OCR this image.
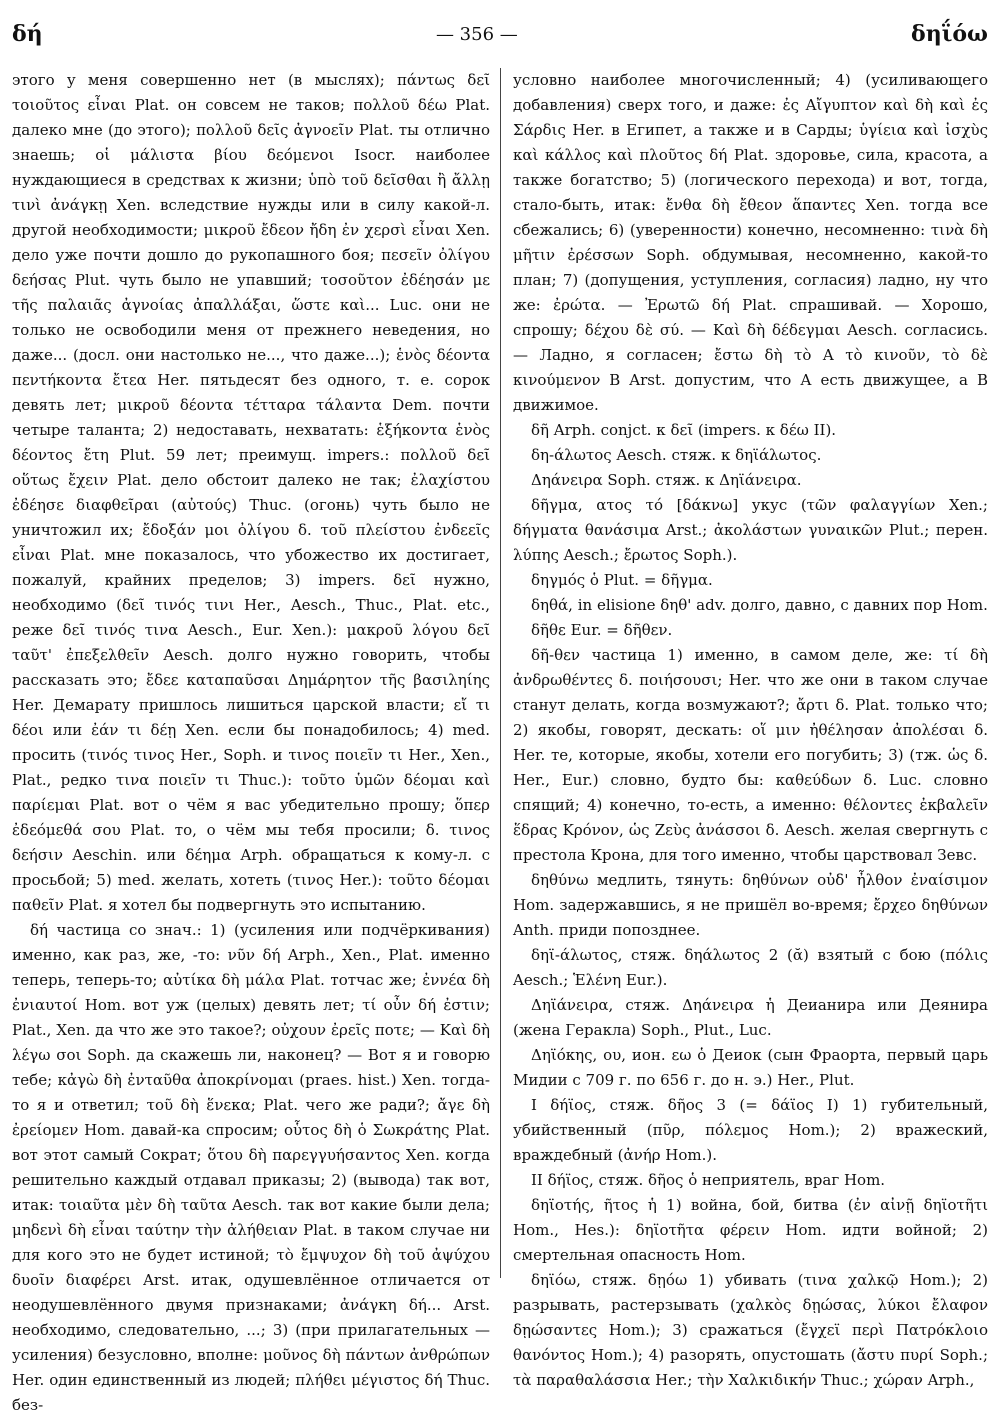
δή	— 356 —	δηΐόω

этого у меня совершенно нет (в мыслях); πάντως δεῖ τοιοῦτος εἶναι Plat. он совсем не таков; πολλοῦ δέω Plat. далеко мне (до этого); πολλοῦ δεῖς ἀγνοεῖν Plat. ты отлично знаешь; οἱ μάλιστα βίου δεόμενοι Isocr. наиболее нуждающиеся в средствах к жизни; ὑπὸ τοῦ δεῖσθαι ἢ ἄλλῃ τινὶ ἀνάγκῃ Xen. вследствие нужды или в силу какой-л. другой необходимости; μικροῦ ἔδεον ἤδη ἐν χερσὶ εἶναι Xen. дело уже почти дошло до рукопашного боя; πεσεῖν ὀλίγου δεήσας Plut. чуть было не упавший; τοσοῦτον ἐδέησάν με τῆς παλαιᾶς ἀγνοίας ἀπαλλάξαι, ὥστε καὶ... Luc. они не только не освободили меня от прежнего неведения, но даже... (досл. они настолько не..., что даже...); ἑνὸς δέοντα πεντήκοντα ἔτεα Her. пятьдесят без одного, т. е. сорок девять лет; μικροῦ δέοντα τέτταρα τάλαντα Dem. почти четыре таланта; 2) недоставать, нехватать: ἑξήκοντα ἑνὸς δέοντος ἔτη Plut. 59 лет; преимущ. impers.: πολλοῦ δεῖ οὕτως ἔχειν Plat. дело обстоит далеко не так; ἐλαχίστου ἐδέησε διαφθεῖραι (αὐτούς) Thuc. (огонь) чуть было не уничтожил их; ἔδοξάν μοι ὀλίγου δ. τοῦ πλείστου ἐνδεεῖς εἶναι Plat. мне показалось, что убожество их достигает, пожалуй, крайних пределов; 3) impers. δεῖ нужно, необходимо (δεῖ τινός τινι Her., Aesch., Thuc., Plat. etc., реже δεῖ τινός τινα Aesch., Eur. Xen.): μακροῦ λόγου δεῖ ταῦτ' ἐπεξελθεῖν Aesch. долго нужно говорить, чтобы рассказать это; ἔδεε καταπαῦσαι Δημάρητον τῆς βασιληίης Her. Демарату пришлось лишиться царской власти; εἴ τι δέοι или ἐάν τι δέῃ Xen. если бы понадобилось; 4) med. просить (τινός τινος Her., Soph. и τινος ποιεῖν τι Her., Xen., Plat., редко τινα ποιεῖν τι Thuc.): τοῦτο ὑμῶν δέομαι καὶ παρίεμαι Plat. вот о чём я вас убедительно прошу; ὅπερ ἐδεόμεθά σου Plat. то, о чём мы тебя просили; δ. τινος δεήσιν Aeschin. или δέημα Arph. обращаться к кому-л. с просьбой; 5) med. желать, хотеть (τινος Her.): τοῦτο δέομαι παθεῖν Plat. я хотел бы подвергнуть это испытанию.

δή частица со знач.: 1) (усиления или подчёркивания) именно, как раз, же, -то: νῦν δή Arph., Xen., Plat. именно теперь, теперь-то; αὐτίκα δὴ μάλα Plat. тотчас же; ἐννέα δὴ ἐνιαυτοί Hom. вот уж (целых) девять лет; τί οὖν δή ἐστιν; Plat., Xen. да что же это такое?; οὐχουν ἐρεῖς ποτε; — Καὶ δὴ λέγω σοι Soph. да скажешь ли, наконец? — Вот я и говорю тебе; κἀγὼ δὴ ἐνταῦθα ἀποκρίνομαι (praes. hist.) Xen. тогда-то я и ответил; τοῦ δὴ ἕνεκα; Plat. чего же ради?; ἄγε δὴ ἐρείομεν Hom. давай-ка спросим; οὗτος δὴ ὁ Σωκράτης Plat. вот этот самый Сократ; ὅτου δὴ παρεγγυήσαντος Xen. когда решительно каждый отдавал приказы; 2) (вывода) так вот, итак: τοιαῦτα μὲν δὴ ταῦτα Aesch. так вот какие были дела; μηδενὶ δὴ εἶναι ταύτην τὴν ἀλήθειαν Plat. в таком случае ни для кого это не будет истиной; τὸ ἔμψυχον δὴ τοῦ ἀψύχου δυοῖν διαφέρει Arst. итак, одушевлённое отличается от неодушевлённого двумя признаками; ἀνάγκη δή... Arst. необходимо, следовательно, ...; 3) (при прилагательных — усиления) безусловно, вполне: μοῦνος δὴ πάντων ἀνθρώπων Her. один единственный из людей; πλήθει μέγιστος δή Thuc. без-

условно наиболее многочисленный; 4) (усиливающего добавления) сверх того, и даже: ἐς Αἴγυπτον καὶ δὴ καὶ ἐς Σάρδις Her. в Египет, а также и в Сарды; ὑγίεια καὶ ἰσχὺς καὶ κάλλος καὶ πλοῦτος δή Plat. здоровье, сила, красота, а также богатство; 5) (логического перехода) и вот, тогда, стало-быть, итак: ἔνθα δὴ ἔθεον ἅπαντες Xen. тогда все сбежались; 6) (уверенности) конечно, несомненно: τινὰ δὴ μῆτιν ἐρέσσων Soph. обдумывая, несомненно, какой-то план; 7) (допущения, уступления, согласия) ладно, ну что же: ἐρώτα. — Ἐρωτῶ δή Plat. спрашивай. — Хорошо, спрошу; δέχου δὲ σύ. — Καὶ δὴ δέδεγμαι Aesch. согласись. — Ладно, я согласен; ἔστω δὴ τὸ Α τὸ κινοῦν, τὸ δὲ κινούμενον Β Arst. допустим, что А есть движущее, а В движимое.

δῆ Arph. conjct. к δεῖ (impers. к δέω II).

δη-άλωτος Aesch. стяж. к δηϊάλωτος.

Δηάνειρα Soph. стяж. к Δηϊάνειρα.

δῆγμα, ατος τό [δάκνω] укус (τῶν φαλαγγίων Xen.; δήγματα θανάσιμα Arst.; ἀκολάστων γυναικῶν Plut.; перен. λύπης Aesch.; ἔρωτος Soph.).

δηγμός ὁ Plut. = δῆγμα.

δηθά, in elisione δηθ' adv. долго, давно, с давних пор Hom.

δῆθε Eur. = δῆθεν.

δῆ-θεν частица 1) именно, в самом деле, же: τί δὴ ἀνδρωθέντες δ. ποιήσουσι; Her. что же они в таком случае станут делать, когда возмужают?; ἄρτι δ. Plat. только что; 2) якобы, говорят, дескать: οἵ μιν ἠθέλησαν ἀπολέσαι δ. Her. те, которые, якобы, хотели его погубить; 3) (тж. ὡς δ. Her., Eur.) словно, будто бы: καθεύδων δ. Luc. словно спящий; 4) конечно, то-есть, а именно: θέλοντες ἐκβαλεῖν ἕδρας Κρόνον, ὡς Ζεὺς ἀνάσσοι δ. Aesch. желая свергнуть с престола Крона, для того именно, чтобы царствовал Зевс.

δηθύνω медлить, тянуть: δηθύνων οὐδ' ἦλθον ἐναίσιμον Hom. задержавшись, я не пришёл во-время; ἔρχεο δηθύνων Anth. приди попозднее.

δηϊ-άλωτος, стяж. δηάλωτος 2 (ᾰ) взятый с бою (πόλις Aesch.; Ἑλένη Eur.).

Δηϊάνειρα, стяж. Δηάνειρα ἡ Деианира или Деянира (жена Геракла) Soph., Plut., Luc.

Δηϊόκης, ου, ион. εω ὁ Деиок (сын Фраорта, первый царь Мидии с 709 г. по 656 г. до н. э.) Her., Plut.

I δήϊος, стяж. δῆος 3 (= δάϊος I) 1) губительный, убийственный (πῦρ, πόλεμος Hom.); 2) вражеский, враждебный (ἀνήρ Hom.).

II δήϊος, стяж. δῆος ὁ неприятель, враг Hom.

δηϊοτής, ῆτος ἡ 1) война, бой, битва (ἐν αἰνῇ δηϊοτῆτι Hom., Hes.): δηϊοτῆτα φέρειν Hom. идти войной; 2) смертельная опасность Hom.

δηϊόω, стяж. δῃόω 1) убивать (τινα χαλκῷ Hom.); 2) разрывать, растерзывать (χαλκὸς δῃώσας, λύκοι ἔλαφον δῃώσαντες Hom.); 3) сражаться (ἔγχεϊ περὶ Πατρόκλοιο θανόντος Hom.); 4) разорять, опустошать (ἄστυ πυρί Soph.; τὰ παραθαλάσσια Her.; τὴν Χαλκιδικήν Thuc.; χώραν Arph.,
